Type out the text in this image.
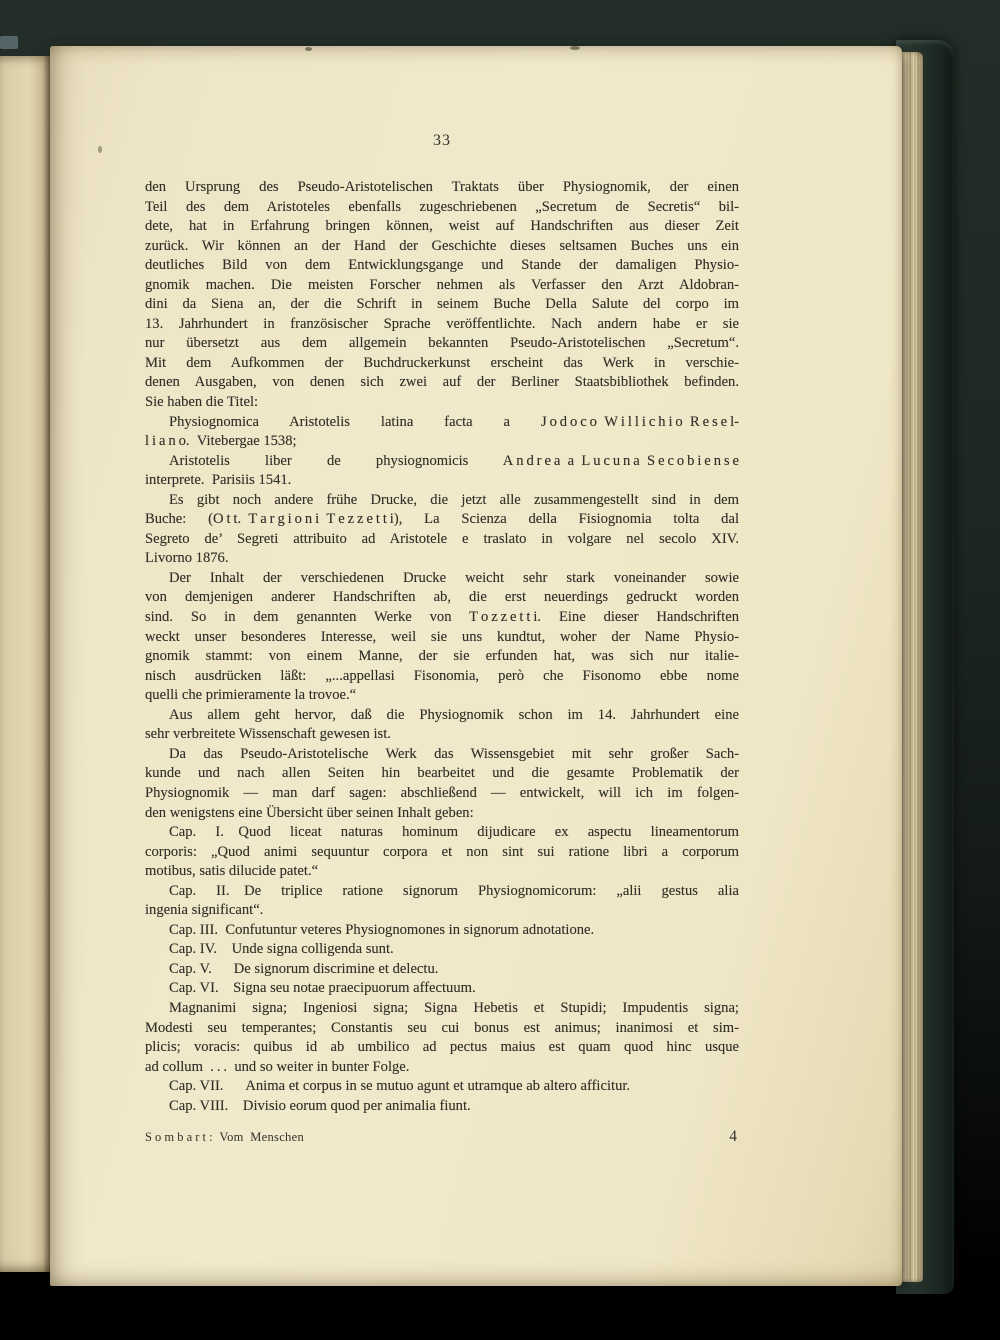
33
den Ursprung des Pseudo-Aristotelischen Traktats über Physiognomik, der einen
Teil des dem Aristoteles ebenfalls zugeschriebenen „Secretum de Secretis“ bil-
dete, hat in Erfahrung bringen können, weist auf Handschriften aus dieser Zeit
zurück. Wir können an der Hand der Geschichte dieses seltsamen Buches uns ein
deutliches Bild von dem Entwicklungsgange und Stande der damaligen Physio-
gnomik machen. Die meisten Forscher nehmen als Verfasser den Arzt Aldobran-
dini da Siena an, der die Schrift in seinem Buche Della Salute del corpo im
13. Jahrhundert in französischer Sprache veröffentlichte. Nach andern habe er sie
nur übersetzt aus dem allgemein bekannten Pseudo-Aristotelischen „Secretum“.
Mit dem Aufkommen der Buchdruckerkunst erscheint das Werk in verschie-
denen Ausgaben, von denen sich zwei auf der Berliner Staatsbibliothek befinden.
Sie haben die Titel:
Physiognomica Aristotelis latina facta a J o d o c o W i l l i c h i o R e s e l-
l i a n o. Vitebergae 1538;
Aristotelis liber de physiognomicis A n d r e a a L u c u n a S e c o b i e n s e
interprete. Parisiis 1541.
Es gibt noch andere frühe Drucke, die jetzt alle zusammengestellt sind in dem
Buche: (O t t. T a r g i o n i T e z z e t t i), La Scienza della Fisiognomia tolta dal
Segreto de’ Segreti attribuito ad Aristotele e traslato in volgare nel secolo XIV.
Livorno 1876.
Der Inhalt der verschiedenen Drucke weicht sehr stark voneinander sowie
von demjenigen anderer Handschriften ab, die erst neuerdings gedruckt worden
sind. So in dem genannten Werke von T o z z e t t i. Eine dieser Handschriften
weckt unser besonderes Interesse, weil sie uns kundtut, woher der Name Physio-
gnomik stammt: von einem Manne, der sie erfunden hat, was sich nur italie-
nisch ausdrücken läßt: „...appellasi Fisonomia, però che Fisonomo ebbe nome
quelli che primieramente la trovoe.“
Aus allem geht hervor, daß die Physiognomik schon im 14. Jahrhundert eine
sehr verbreitete Wissenschaft gewesen ist.
Da das Pseudo-Aristotelische Werk das Wissensgebiet mit sehr großer Sach-
kunde und nach allen Seiten hin bearbeitet und die gesamte Problematik der
Physiognomik — man darf sagen: abschließend — entwickelt, will ich im folgen-
den wenigstens eine Übersicht über seinen Inhalt geben:
Cap. I.  Quod liceat naturas hominum dijudicare ex aspectu lineamentorum
corporis: „Quod animi sequuntur corpora et non sint sui ratione libri a corporum
motibus, satis dilucide patet.“
Cap. II.  De triplice ratione signorum Physiognomicorum: „alii gestus alia
ingenia significant“.
Cap. III. Confutuntur veteres Physiognomones in signorum adnotatione.
Cap. IV.  Unde signa colligenda sunt.
Cap. V.   De signorum discrimine et delectu.
Cap. VI.  Signa seu notae praecipuorum affectuum.
Magnanimi signa; Ingeniosi signa; Signa Hebetis et Stupidi; Impudentis signa;
Modesti seu temperantes; Constantis seu cui bonus est animus; inanimosi et sim-
plicis; voracis: quibus id ab umbilico ad pectus maius est quam quod hinc usque
ad collum . . . und so weiter in bunter Folge.
Cap. VII.   Anima et corpus in se mutuo agunt et utramque ab altero afficitur.
Cap. VIII.  Divisio eorum quod per animalia fiunt.
S o m b a r t : Vom Menschen	4
